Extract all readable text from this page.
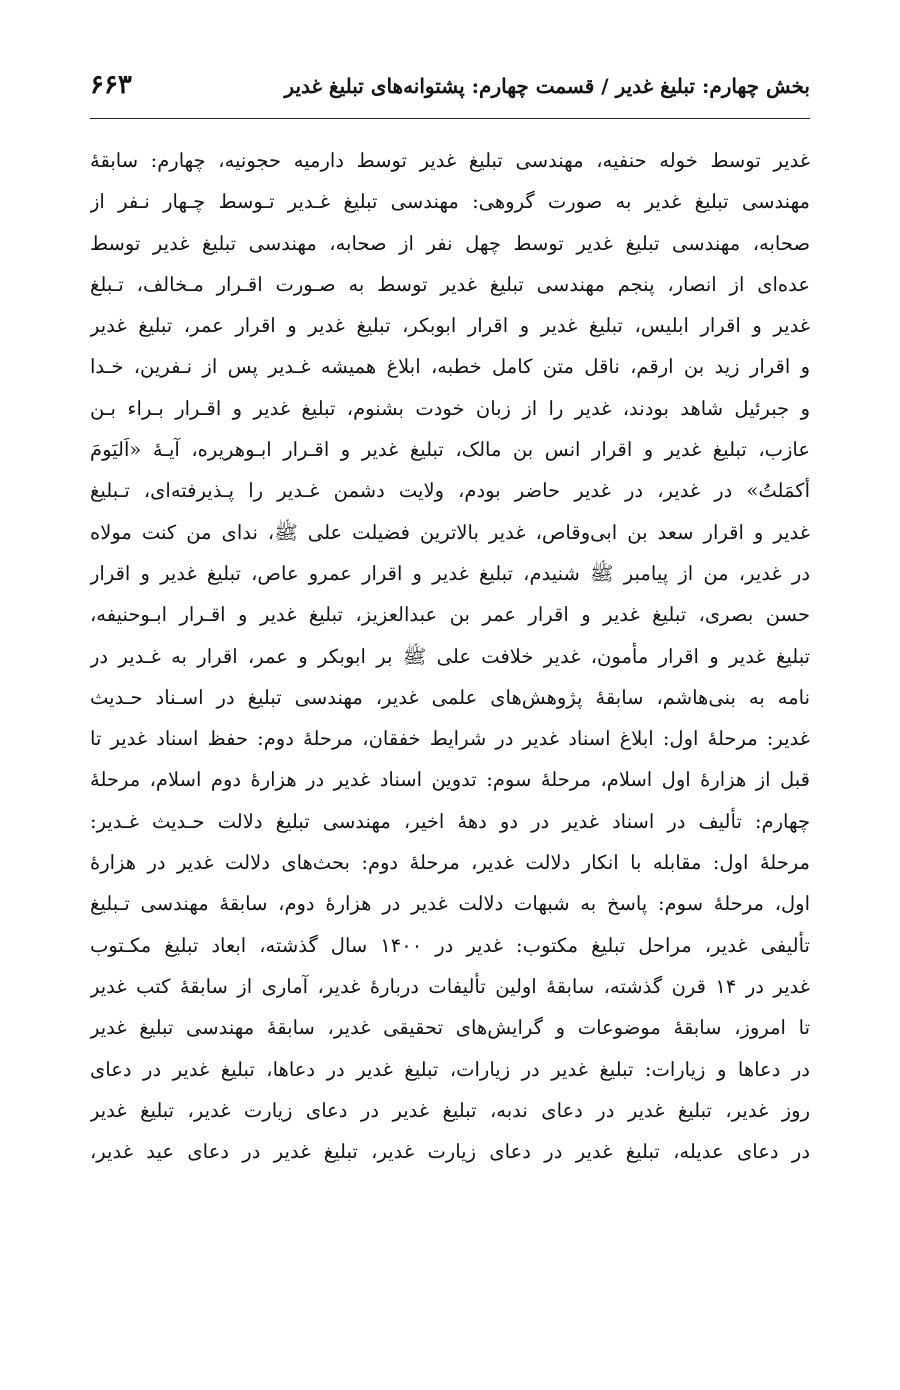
بخش چهارم: تبلیغ غدیر / قسمت چهارم: پشتوانه‌های تبلیغ غدیر
۶۶۳
غدیر توسط خوله حنفیه، مهندسی تبلیغ غدیر توسط دارمیه حجونیه، چهارم: سابقۀ
مهندسی تبلیغ غدیر به صورت گروهی: مهندسی تبلیغ غـدیر تـوسط چـهار نـفر از
صحابه، مهندسی تبلیغ غدیر توسط چهل نفر از صحابه، مهندسی تبلیغ غدیر توسط
عده‌ای از انصار، پنجم مهندسی تبلیغ غدیر توسط به صـورت اقـرار مـخالف، تـبلغ
غدیر و اقرار ابلیس، تبلیغ غدیر و اقرار ابوبکر، تبلیغ غدیر و اقرار عمر، تبلیغ غدیر
و اقرار زید بن ارقم، ناقل متن کامل خطبه، ابلاغ همیشه غـدیر پس از نـفرین، خـدا
و جبرئیل شاهد بودند، غدیر را از زبان خودت بشنوم، تبلیغ غدیر و اقـرار بـراء بـن
عازب، تبلیغ غدیر و اقرار انس بن مالک، تبلیغ غدیر و اقـرار ابـوهریره، آیـۀ «اَلیَومَ
أکمَلتُ» در غدیر، در غدیر حاضر بودم، ولایت دشمن غـدیر را پـذیرفته‌ای، تـبلیغ
غدیر و اقرار سعد بن ابی‌وقاص، غدیر بالاترین فضیلت علی ﷺ، ندای من کنت مولاه
در غدیر، من از پیامبر ﷺ شنیدم، تبلیغ غدیر و اقرار عمرو عاص، تبلیغ غدیر و اقرار
حسن بصری، تبلیغ غدیر و اقرار عمر بن عبدالعزیز، تبلیغ غدیر و اقـرار ابـوحنیفه،
تبلیغ غدیر و اقرار مأمون، غدیر خلافت علی ﷺ بر ابوبکر و عمر، اقرار به غـدیر در
نامه به بنی‌هاشم، سابقۀ پژوهش‌های علمی غدیر، مهندسی تبلیغ در اسـناد حـدیث
غدیر: مرحلۀ اول: ابلاغ اسناد غدیر در شرایط خفقان، مرحلۀ دوم: حفظ اسناد غدیر تا
قبل از هزارۀ اول اسلام، مرحلۀ سوم: تدوین اسناد غدیر در هزارۀ دوم اسلام، مرحلۀ
چهارم: تألیف در اسناد غدیر در دو دهۀ اخیر، مهندسی تبلیغ دلالت حـدیث غـدیر:
مرحلۀ اول: مقابله با انکار دلالت غدیر، مرحلۀ دوم: بحث‌های دلالت غدیر در هزارۀ
اول، مرحلۀ سوم: پاسخ به شبهات دلالت غدیر در هزارۀ دوم، سابقۀ مهندسی تـبلیغ
تألیفی غدیر، مراحل تبلیغ مکتوب: غدیر در ۱۴۰۰ سال گذشته، ابعاد تبلیغ مکـتوب
غدیر در ۱۴ قرن گذشته، سابقۀ اولین تألیفات دربارۀ غدیر، آماری از سابقۀ کتب غدیر
تا امروز، سابقۀ موضوعات و گرایش‌های تحقیقی غدیر، سابقۀ مهندسی تبلیغ غدیر
در دعاها و زیارات: تبلیغ غدیر در زیارات، تبلیغ غدیر در دعاها، تبلیغ غدیر در دعای
روز غدیر، تبلیغ غدیر در دعای ندبه، تبلیغ غدیر در دعای زیارت غدیر، تبلیغ غدیر
در دعای عدیله، تبلیغ غدیر در دعای زیارت غدیر، تبلیغ غدیر در دعای عید غدیر،
